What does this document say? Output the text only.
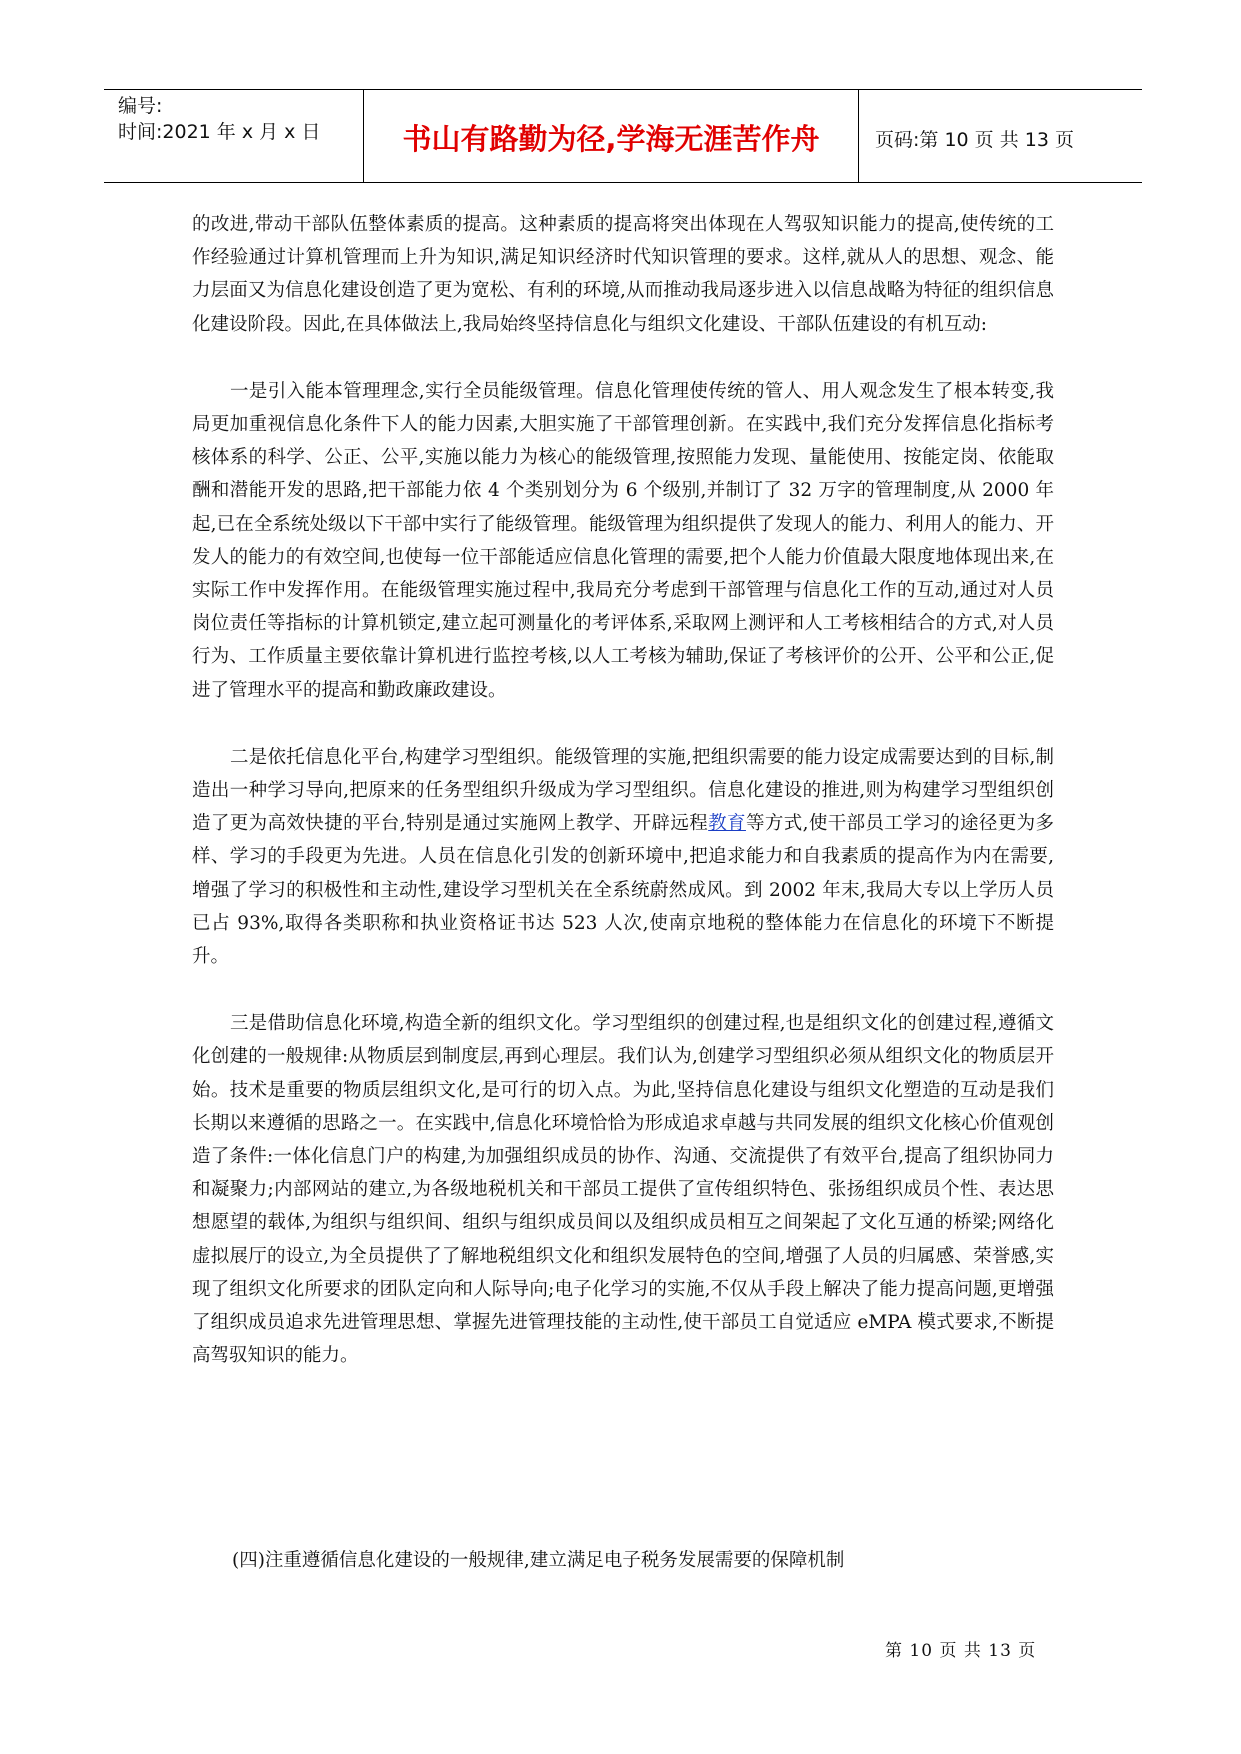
编号:
时间:2021 年 x 月 x 日	书山有路勤为径,学海无涯苦作舟	页码:第 10 页 共 13 页

的改进,带动干部队伍整体素质的提高。这种素质的提高将突出体现在人驾驭知识能力的提高,使传统的工作经验通过计算机管理而上升为知识,满足知识经济时代知识管理的要求。这样,就从人的思想、观念、能力层面又为信息化建设创造了更为宽松、有利的环境,从而推动我局逐步进入以信息战略为特征的组织信息化建设阶段。因此,在具体做法上,我局始终坚持信息化与组织文化建设、干部队伍建设的有机互动:

一是引入能本管理理念,实行全员能级管理。信息化管理使传统的管人、用人观念发生了根本转变,我局更加重视信息化条件下人的能力因素,大胆实施了干部管理创新。在实践中,我们充分发挥信息化指标考核体系的科学、公正、公平,实施以能力为核心的能级管理,按照能力发现、量能使用、按能定岗、依能取酬和潜能开发的思路,把干部能力依 4 个类别划分为 6 个级别,并制订了 32 万字的管理制度,从 2000 年起,已在全系统处级以下干部中实行了能级管理。能级管理为组织提供了发现人的能力、利用人的能力、开发人的能力的有效空间,也使每一位干部能适应信息化管理的需要,把个人能力价值最大限度地体现出来,在实际工作中发挥作用。在能级管理实施过程中,我局充分考虑到干部管理与信息化工作的互动,通过对人员岗位责任等指标的计算机锁定,建立起可测量化的考评体系,采取网上测评和人工考核相结合的方式,对人员行为、工作质量主要依靠计算机进行监控考核,以人工考核为辅助,保证了考核评价的公开、公平和公正,促进了管理水平的提高和勤政廉政建设。

二是依托信息化平台,构建学习型组织。能级管理的实施,把组织需要的能力设定成需要达到的目标,制造出一种学习导向,把原来的任务型组织升级成为学习型组织。信息化建设的推进,则为构建学习型组织创造了更为高效快捷的平台,特别是通过实施网上教学、开辟远程教育等方式,使干部员工学习的途径更为多样、学习的手段更为先进。人员在信息化引发的创新环境中,把追求能力和自我素质的提高作为内在需要,增强了学习的积极性和主动性,建设学习型机关在全系统蔚然成风。到 2002 年末,我局大专以上学历人员已占 93%,取得各类职称和执业资格证书达 523 人次,使南京地税的整体能力在信息化的环境下不断提升。

三是借助信息化环境,构造全新的组织文化。学习型组织的创建过程,也是组织文化的创建过程,遵循文化创建的一般规律:从物质层到制度层,再到心理层。我们认为,创建学习型组织必须从组织文化的物质层开始。技术是重要的物质层组织文化,是可行的切入点。为此,坚持信息化建设与组织文化塑造的互动是我们长期以来遵循的思路之一。在实践中,信息化环境恰恰为形成追求卓越与共同发展的组织文化核心价值观创造了条件:一体化信息门户的构建,为加强组织成员的协作、沟通、交流提供了有效平台,提高了组织协同力和凝聚力;内部网站的建立,为各级地税机关和干部员工提供了宣传组织特色、张扬组织成员个性、表达思想愿望的载体,为组织与组织间、组织与组织成员间以及组织成员相互之间架起了文化互通的桥梁;网络化虚拟展厅的设立,为全员提供了了解地税组织文化和组织发展特色的空间,增强了人员的归属感、荣誉感,实现了组织文化所要求的团队定向和人际导向;电子化学习的实施,不仅从手段上解决了能力提高问题,更增强了组织成员追求先进管理思想、掌握先进管理技能的主动性,使干部员工自觉适应 eMPA 模式要求,不断提高驾驭知识的能力。

(四)注重遵循信息化建设的一般规律,建立满足电子税务发展需要的保障机制
第 10 页 共 13 页
